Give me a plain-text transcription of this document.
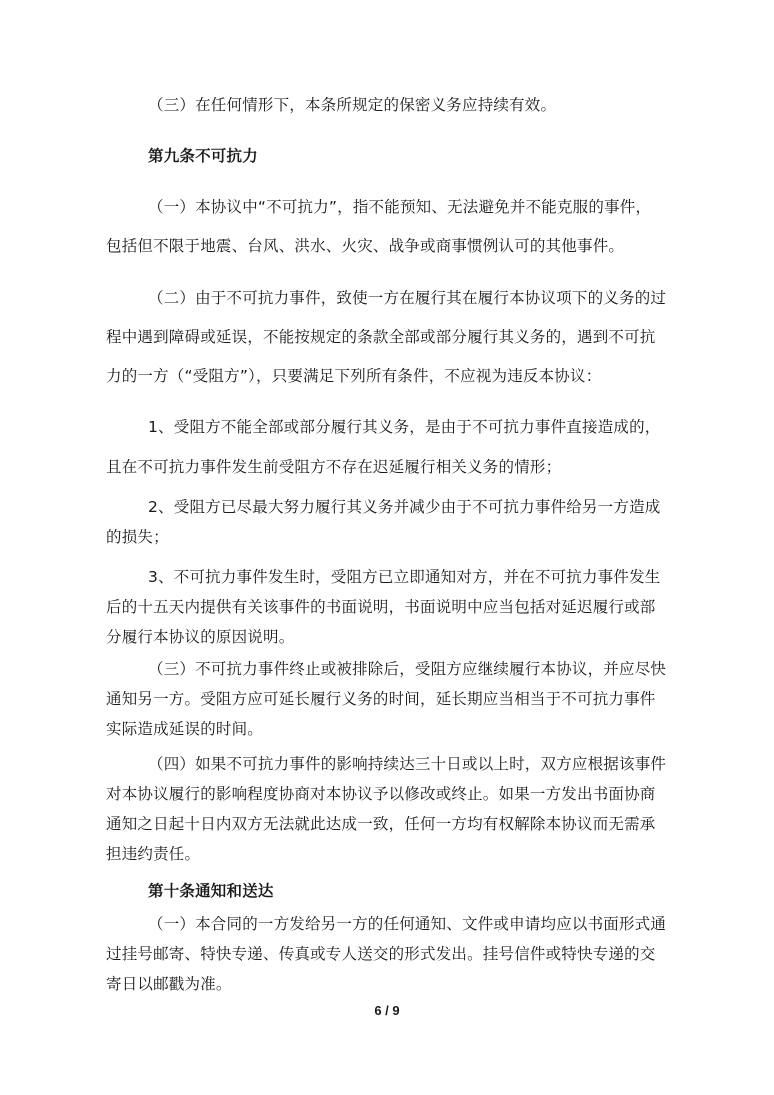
（三）在任何情形下，本条所规定的保密义务应持续有效。
第九条不可抗力
（一）本协议中“不可抗力”，指不能预知、无法避免并不能克服的事件，
包括但不限于地震、台风、洪水、火灾、战争或商事惯例认可的其他事件。
（二）由于不可抗力事件，致使一方在履行其在履行本协议项下的义务的过
程中遇到障碍或延误，不能按规定的条款全部或部分履行其义务的，遇到不可抗
力的一方（“受阻方”），只要满足下列所有条件，不应视为违反本协议：
1、受阻方不能全部或部分履行其义务，是由于不可抗力事件直接造成的，
且在不可抗力事件发生前受阻方不存在迟延履行相关义务的情形；
2、受阻方已尽最大努力履行其义务并减少由于不可抗力事件给另一方造成
的损失；
3、不可抗力事件发生时，受阻方已立即通知对方，并在不可抗力事件发生
后的十五天内提供有关该事件的书面说明，书面说明中应当包括对延迟履行或部
分履行本协议的原因说明。
（三）不可抗力事件终止或被排除后，受阻方应继续履行本协议，并应尽快
通知另一方。受阻方应可延长履行义务的时间，延长期应当相当于不可抗力事件
实际造成延误的时间。
（四）如果不可抗力事件的影响持续达三十日或以上时，双方应根据该事件
对本协议履行的影响程度协商对本协议予以修改或终止。如果一方发出书面协商
通知之日起十日内双方无法就此达成一致，任何一方均有权解除本协议而无需承
担违约责任。
第十条通知和送达
（一）本合同的一方发给另一方的任何通知、文件或申请均应以书面形式通
过挂号邮寄、特快专递、传真或专人送交的形式发出。挂号信件或特快专递的交
寄日以邮戳为准。
6 / 9
